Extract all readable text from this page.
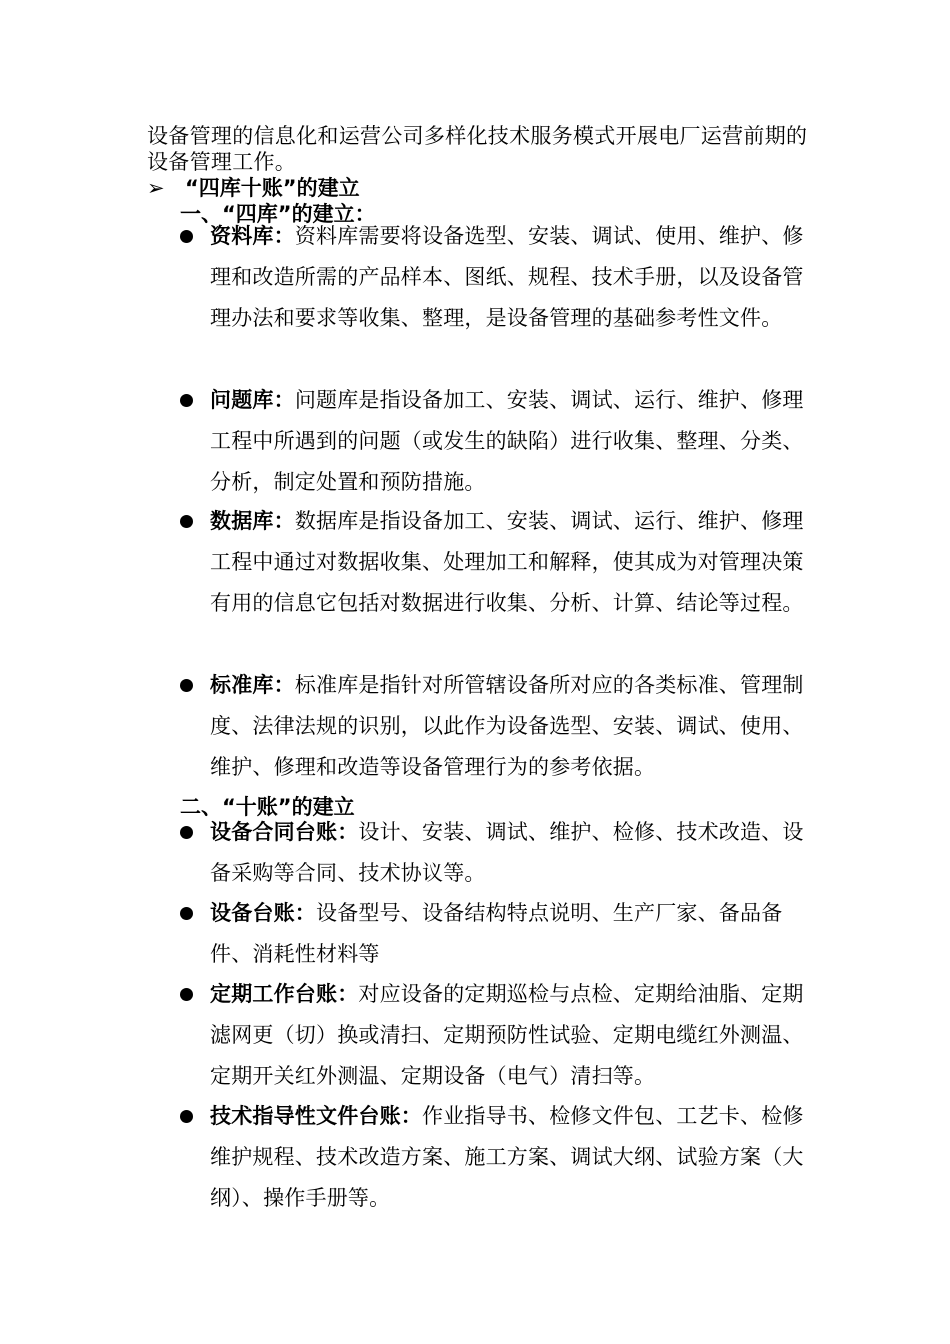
设备管理的信息化和运营公司多样化技术服务模式开展电厂运营前期的设备管理工作。
➢ “四库十账”的建立
一、“四库”的建立：
资料库：资料库需要将设备选型、安装、调试、使用、维护、修理和改造所需的产品样本、图纸、规程、技术手册，以及设备管理办法和要求等收集、整理，是设备管理的基础参考性文件。
问题库：问题库是指设备加工、安装、调试、运行、维护、修理工程中所遇到的问题（或发生的缺陷）进行收集、整理、分类、分析，制定处置和预防措施。
数据库：数据库是指设备加工、安装、调试、运行、维护、修理工程中通过对数据收集、处理加工和解释，使其成为对管理决策有用的信息它包括对数据进行收集、分析、计算、结论等过程。
标准库：标准库是指针对所管辖设备所对应的各类标准、管理制度、法律法规的识别，以此作为设备选型、安装、调试、使用、维护、修理和改造等设备管理行为的参考依据。
二、“十账”的建立
设备合同台账：设计、安装、调试、维护、检修、技术改造、设备采购等合同、技术协议等。
设备台账：设备型号、设备结构特点说明、生产厂家、备品备件、消耗性材料等
定期工作台账：对应设备的定期巡检与点检、定期给油脂、定期滤网更（切）换或清扫、定期预防性试验、定期电缆红外测温、定期开关红外测温、定期设备（电气）清扫等。
技术指导性文件台账：作业指导书、检修文件包、工艺卡、检修维护规程、技术改造方案、施工方案、调试大纲、试验方案（大纲）、操作手册等。
